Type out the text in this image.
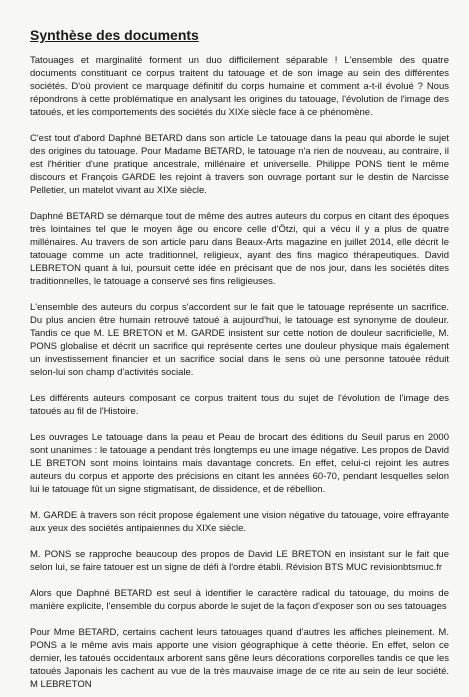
Synthèse des documents

Tatouages et marginalité forment un duo difficilement séparable ! L'ensemble des quatre documents constituant ce corpus traitent du tatouage et de son image au sein des différentes sociétés. D'où provient ce marquage définitif du corps humaine et comment a-t-il évolué ? Nous répondrons à cette problématique en analysant les origines du tatouage, l'évolution de l'image des tatoués, et les comportements des sociétés du XIXe siècle face à ce phénomène.

C'est tout d'abord Daphné BETARD dans son article Le tatouage dans la peau qui aborde le sujet des origines du tatouage. Pour Madame BETARD, le tatouage n'a rien de nouveau, au contraire, il est l'héritier d'une pratique ancestrale, millénaire et universelle. Philippe PONS tient le même discours et François GARDE les rejoint à travers son ouvrage portant sur le destin de Narcisse Pelletier, un matelot vivant au XIXe siècle.

Daphné BETARD se démarque tout de même des autres auteurs du corpus en citant des époques très lointaines tel que le moyen âge ou encore celle d'Ötzi, qui a vécu il y a plus de quatre millénaires. Au travers de son article paru dans Beaux-Arts magazine en juillet 2014, elle décrit le tatouage comme un acte traditionnel, religieux, ayant des fins magico thérapeutiques. David LEBRETON quant à lui, poursuit cette idée en précisant que de nos jour, dans les sociétés dites traditionnelles, le tatouage a conservé ses fins religieuses.

L'ensemble des auteurs du corpus s'accordent sur le fait que le tatouage représente un sacrifice. Du plus ancien être humain retrouvé tatoué à aujourd'hui, le tatouage est synonyme de douleur. Tandis ce que M. LE BRETON et M. GARDE insistent sur cette notion de douleur sacrificielle, M. PONS globalise et décrit un sacrifice qui représente certes une douleur physique mais également un investissement financier et un sacrifice social dans le sens où une personne tatouée réduit selon-lui son champ d'activités sociale.

Les différents auteurs composant ce corpus traitent tous du sujet de l'évolution de l'image des tatoués au fil de l'Histoire.

Les ouvrages Le tatouage dans la peau et Peau de brocart des éditions du Seuil parus en 2000 sont unanimes : le tatouage a pendant très longtemps eu une image négative. Les propos de David LE BRETON sont moins lointains mais davantage concrets. En effet, celui-ci rejoint les autres auteurs du corpus et apporte des précisions en citant les années 60-70, pendant lesquelles selon lui le tatouage fût un signe stigmatisant, de dissidence, et de rébellion.

M. GARDE à travers son récit propose également une vision négative du tatouage, voire effrayante aux yeux des sociétés antipaiennes du XIXe siècle.

M. PONS se rapproche beaucoup des propos de David LE BRETON en insistant sur le fait que selon lui, se faire tatouer est un signe de défi à l'ordre établi. Révision BTS MUC revisionbtsmuc.fr

Alors que Daphné BETARD est seul à identifier le caractère radical du tatouage, du moins de manière explicite, l'ensemble du corpus aborde le sujet de la façon d'exposer son ou ses tatouages

Pour Mme BETARD, certains cachent leurs tatouages quand d'autres les affiches pleinement. M. PONS a le même avis mais apporte une vision géographique à cette théorie. En effet, selon ce dernier, les tatoués occidentaux arborent sans gêne leurs décorations corporelles tandis ce que les tatoués Japonais les cachent au vue de la très mauvaise image de ce rite au sein de leur société. M LEBRETON
